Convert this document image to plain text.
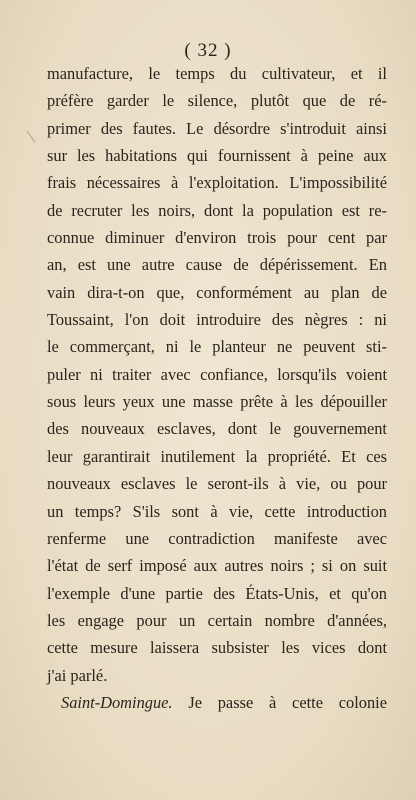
( 32 )
manufacture, le temps du cultivateur, et il
préfère garder le silence, plutôt que de ré-
primer des fautes. Le désordre s'introduit ainsi
sur les habitations qui fournissent à peine aux
frais nécessaires à l'exploitation. L'impossibilité
de recruter les noirs, dont la population est re-
connue diminuer d'environ trois pour cent par
an, est une autre cause de dépérissement. En
vain dira-t-on que, conformément au plan de
Toussaint, l'on doit introduire des nègres : ni
le commerçant, ni le planteur ne peuvent sti-
puler ni traiter avec confiance, lorsqu'ils voient
sous leurs yeux une masse prête à les dépouiller
des nouveaux esclaves, dont le gouvernement
leur garantirait inutilement la propriété. Et ces
nouveaux esclaves le seront-ils à vie, ou pour
un temps? S'ils sont à vie, cette introduction
renferme une contradiction manifeste avec
l'état de serf imposé aux autres noirs ; si on suit
l'exemple d'une partie des États-Unis, et qu'on
les engage pour un certain nombre d'années,
cette mesure laissera subsister les vices dont
j'ai parlé.
Saint-Domingue. Je passe à cette colonie
